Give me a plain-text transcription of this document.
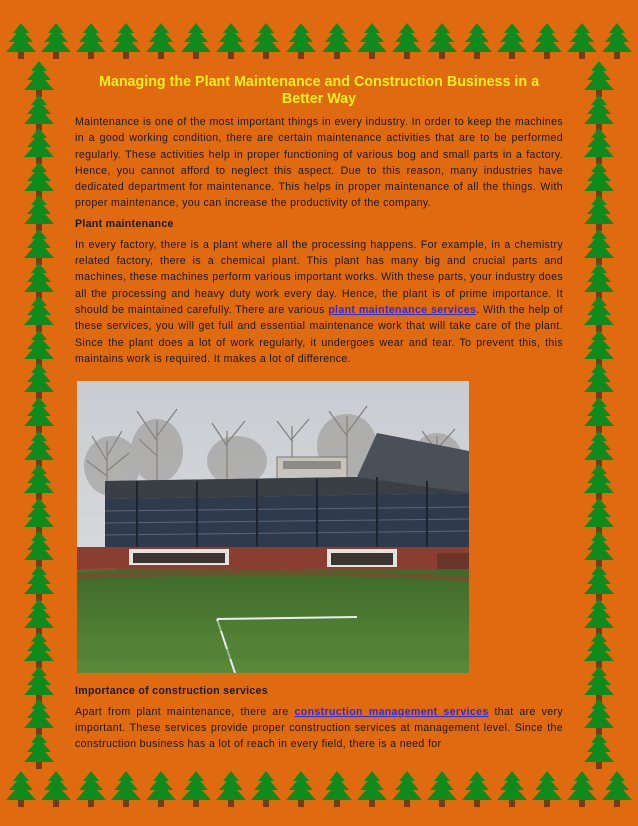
Managing the Plant Maintenance and Construction Business in a Better Way

Maintenance is one of the most important things in every industry. In order to keep the machines in a good working condition, there are certain maintenance activities that are to be performed regularly. These activities help in proper functioning of various bog and small parts in a factory. Hence, you cannot afford to neglect this aspect. Due to this reason, many industries have dedicated department for maintenance. This helps in proper maintenance of all the things. With proper maintenance, you can increase the productivity of the company.

Plant maintenance

In every factory, there is a plant where all the processing happens. For example, in a chemistry related factory, there is a chemical plant. This plant has many big and crucial parts and machines, these machines perform various important works. With these parts, your industry does all the processing and heavy duty work every day. Hence, the plant is of prime importance. It should be maintained carefully. There are various plant maintenance services. With the help of these services, you will get full and essential maintenance work that will take care of the plant. Since the plant does a lot of work regularly, it undergoes wear and tear. To prevent this, this maintains work is required. It makes a lot of difference.

Importance of construction services

Apart from plant maintenance, there are construction management services that are very important. These services provide proper construction services at management level. Since the construction business has a lot of reach in every field, there is a need for
